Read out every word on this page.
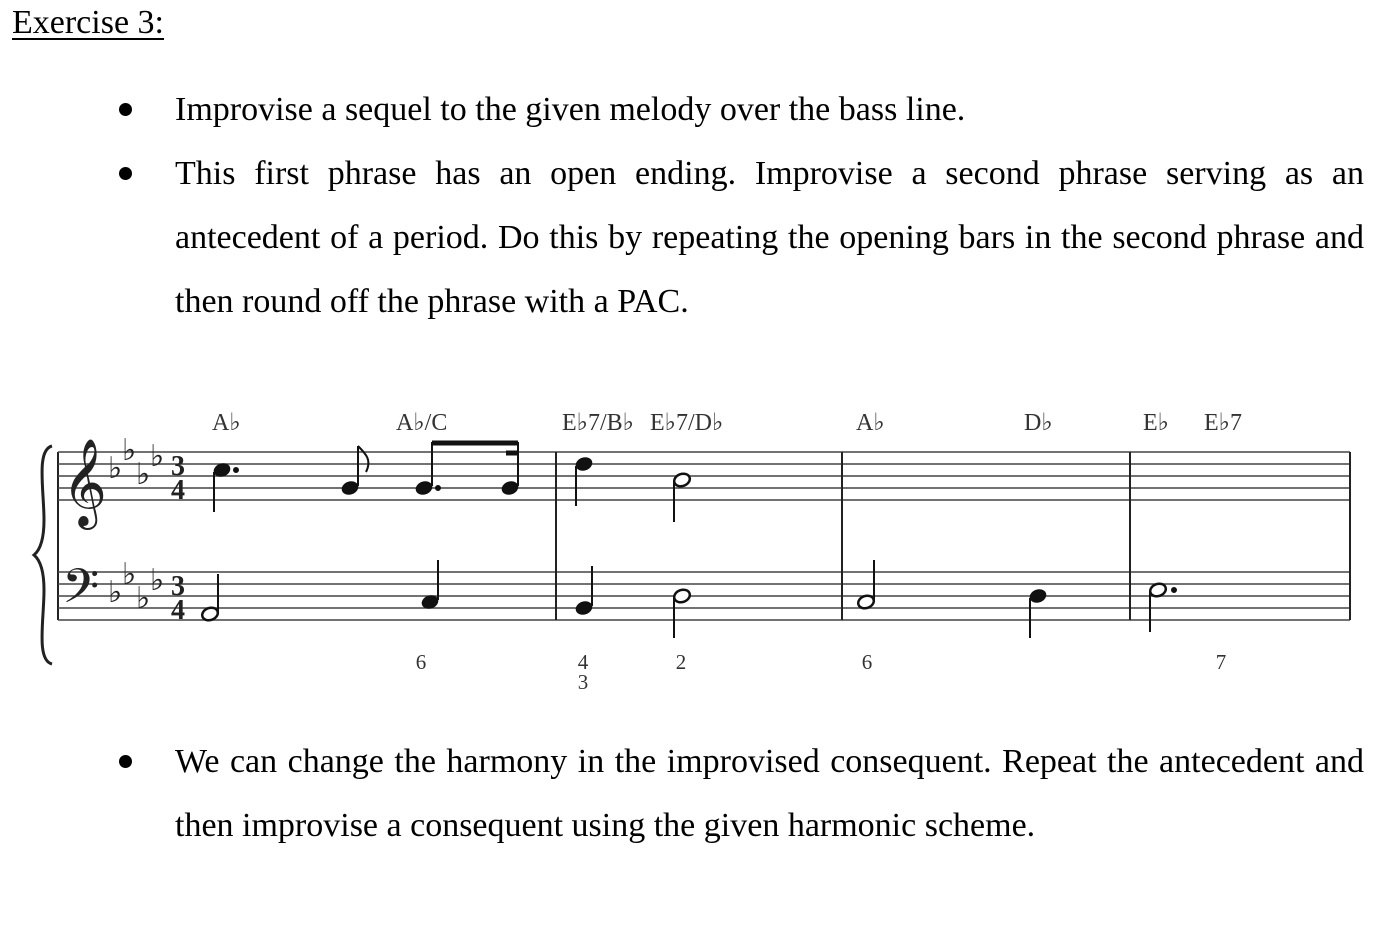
Exercise 3:
Improvise a sequel to the given melody over the bass line.
This first phrase has an open ending. Improvise a second phrase serving as an antecedent of a period. Do this by repeating the opening bars in the second phrase and then round off the phrase with a PAC.
We can change the harmony in the improvised consequent. Repeat the antecedent and then improvise a consequent using the given harmonic scheme.
𝄞
𝄢
♭
♭
♭
♭
♭
♭
♭
♭
3
4
3
4
A♭	A♭/C	E♭7/B♭ E♭7/D♭	A♭	D♭	E♭ E♭7
6	4
3
2	6	7
